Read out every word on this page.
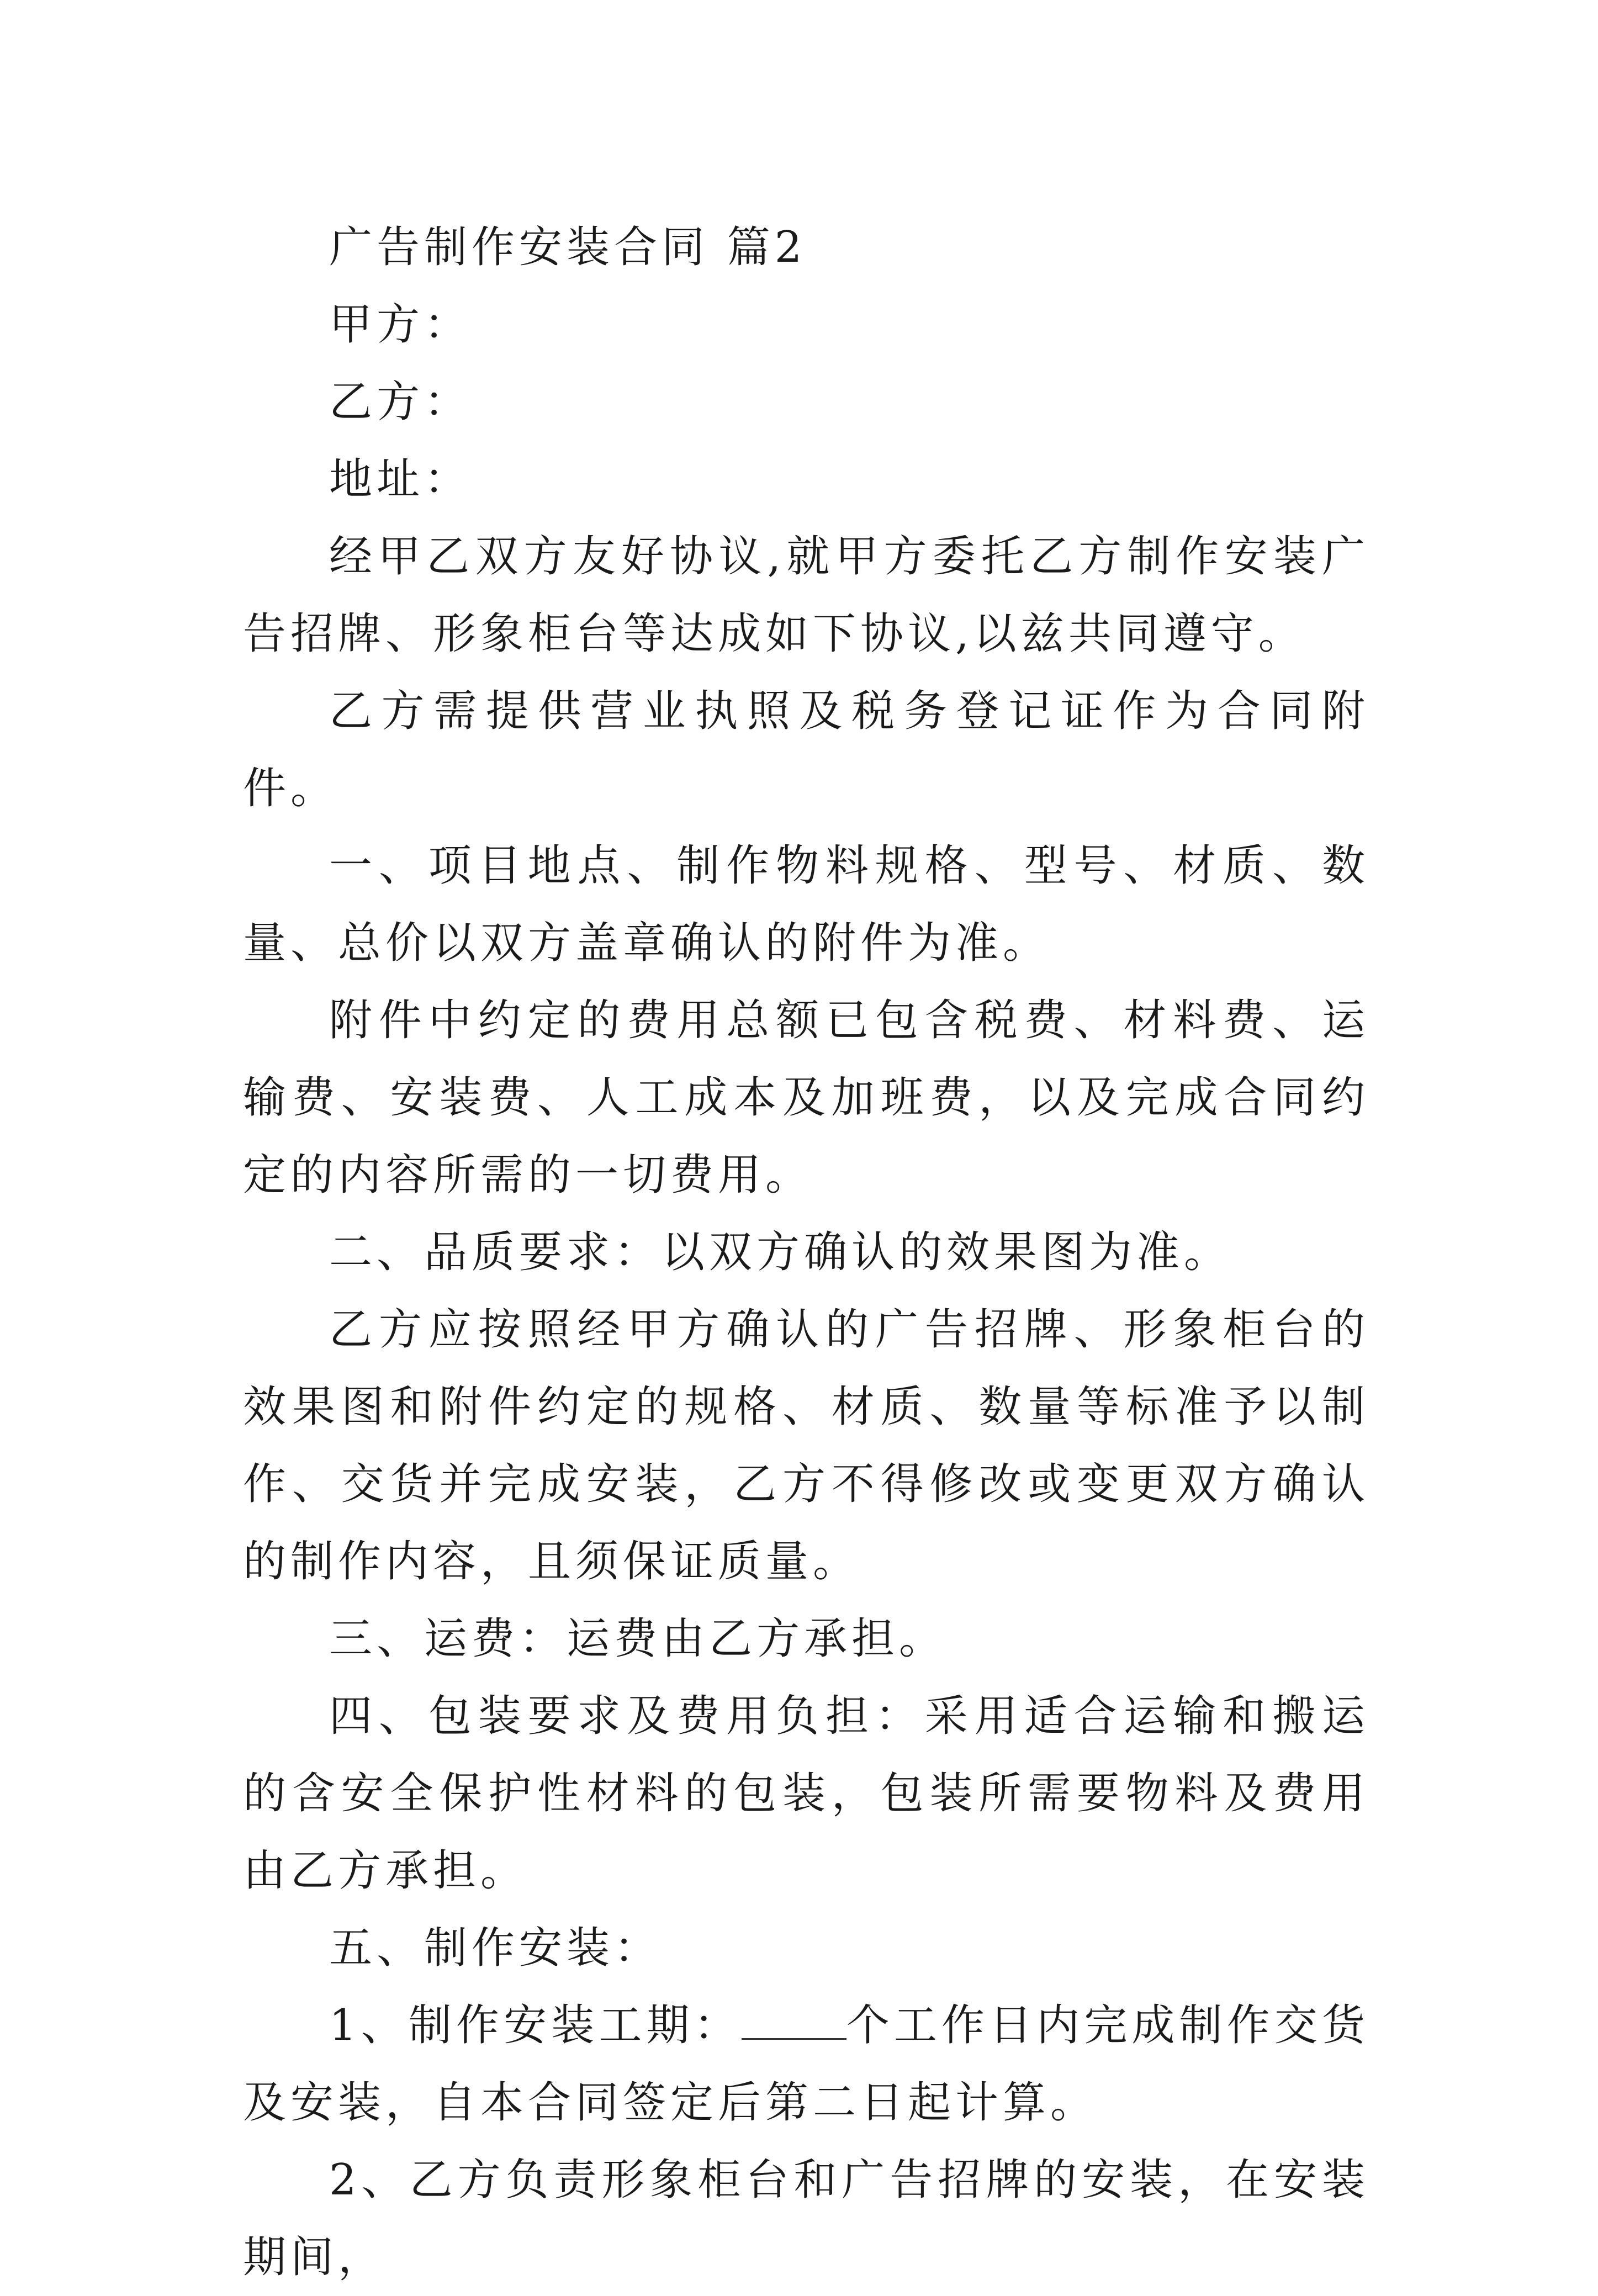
广告制作安装合同 篇2

甲方：

乙方：

地址：

经甲乙双方友好协议,就甲方委托乙方制作安装广告招牌、形象柜台等达成如下协议,以兹共同遵守。

乙方需提供营业执照及税务登记证作为合同附件。

一、项目地点、制作物料规格、型号、材质、数量、总价以双方盖章确认的附件为准。

附件中约定的费用总额已包含税费、材料费、运输费、安装费、人工成本及加班费，以及完成合同约定的内容所需的一切费用。

二、品质要求：以双方确认的效果图为准。

乙方应按照经甲方确认的广告招牌、形象柜台的效果图和附件约定的规格、材质、数量等标准予以制作、交货并完成安装，乙方不得修改或变更双方确认的制作内容，且须保证质量。

三、运费：运费由乙方承担。

四、包装要求及费用负担：采用适合运输和搬运的含安全保护性材料的包装，包装所需要物料及费用由乙方承担。

五、制作安装：

1、制作安装工期： 个工作日内完成制作交货及安装，自本合同签定后第二日起计算。

2、乙方负责形象柜台和广告招牌的安装，在安装期间，
